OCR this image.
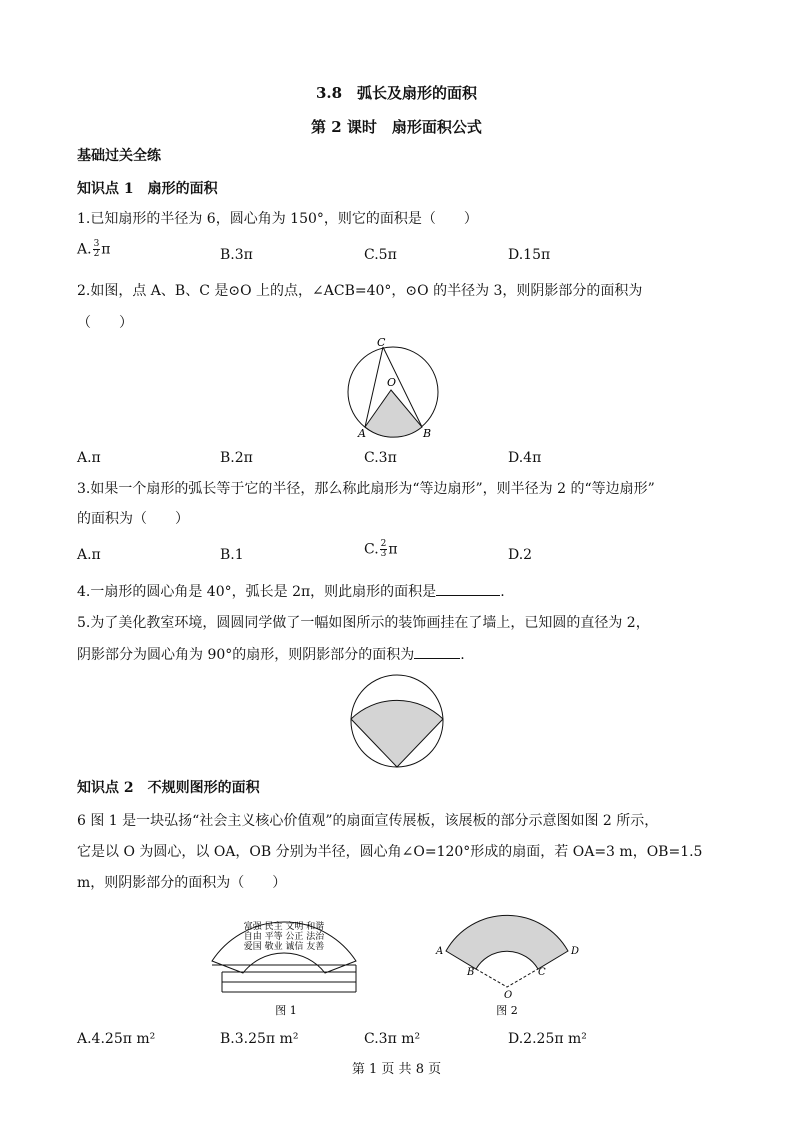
3.8　弧长及扇形的面积
第 2 课时　扇形面积公式
基础过关全练
知识点 1　 扇形的面积
1.已知扇形的半径为 6，圆心角为 150°，则它的面积是（　　）
A. $\frac{3}{2}$ π	B.3π	C.5π	D.15π
2.如图，点 A、B、C 是⊙O 上的点，∠ACB=40°，⊙O 的半径为 3，则阴影部分的面积为
（　　）
C
O
A	B
A.π	B.2π	C.3π	D.4π
3.如果一个扇形的弧长等于它的半径，那么称此扇形为“等边扇形”，则半径为 2 的“等边扇形”
的面积为（　　）
A.π	B.1	C. $\frac{2}{3}$ π	D.2
4.一扇形的圆心角是 40°，弧长是 2π，则此扇形的面积是	.
5.为了美化教室环境，圆圆同学做了一幅如图所示的装饰画挂在了墙上，已知圆的直径为 2，
阴影部分为圆心角为 90°的扇形，则阴影部分的面积为	.
知识点 2　 不规则图形的面积
6 图 1 是一块弘扬“社会主义核心价值观”的扇面宣传展板，该展板的部分示意图如图 2 所示，
它是以 O 为圆心，以 OA，OB 分别为半径，圆心角∠O=120°形成的扇面，若 OA=3 m，OB=1.5
m，则阴影部分的面积为（　　）
富强 民主 文明 和谐
自由 平等 公正 法治
爱国 敬业 诚信 友善
图 1
A
B	C
D
O
图 2
A.4.25π m²	B.3.25π m²	C.3π m²	D.2.25π m²
第 1 页 共 8 页
